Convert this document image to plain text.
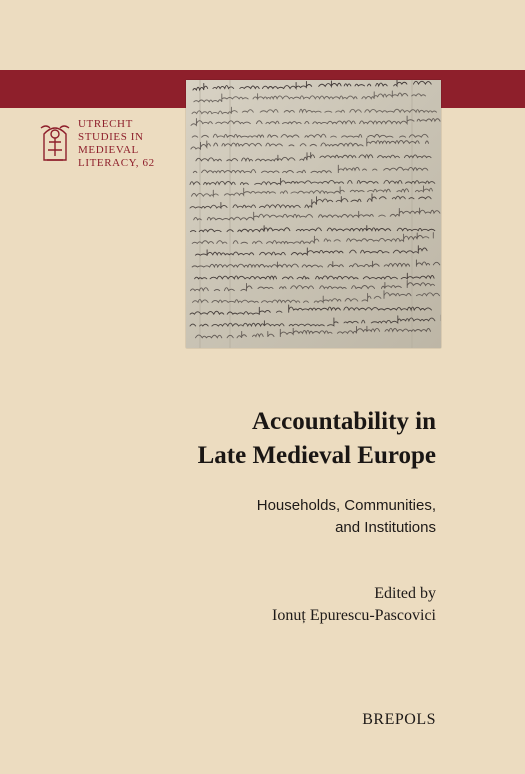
UTRECHT
STUDIES IN
MEDIEVAL
LITERACY, 62
Accountability in
Late Medieval Europe
Households, Communities,
and Institutions
Edited by
Ionuț Epurescu-Pascovici
BREPOLS
